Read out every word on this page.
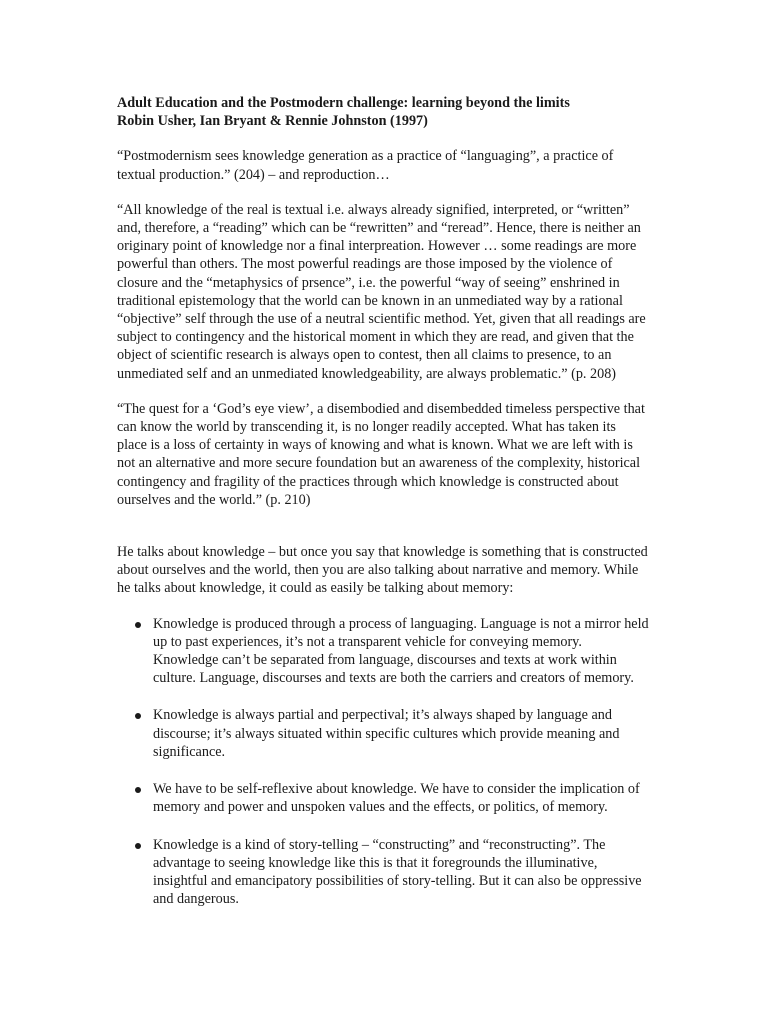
Adult Education and the Postmodern challenge: learning beyond the limits
Robin Usher, Ian Bryant & Rennie Johnston (1997)

“Postmodernism sees knowledge generation as a practice of “languaging”, a practice of textual production.” (204) – and reproduction…

“All knowledge of the real is textual i.e. always already signified, interpreted, or “written” and, therefore, a “reading” which can be “rewritten” and “reread”. Hence, there is neither an originary point of knowledge nor a final interpreation. However … some readings are more powerful than others. The most powerful readings are those imposed by the violence of closure and the “metaphysics of prsence”, i.e. the powerful “way of seeing” enshrined in traditional epistemology that the world can be known in an unmediated way by a rational “objective” self through the use of a neutral scientific method. Yet, given that all readings are subject to contingency and the historical moment in which they are read, and given that the object of scientific research is always open to contest, then all claims to presence, to an unmediated self and an unmediated knowledgeability, are always problematic.” (p. 208)

“The quest for a ‘God’s eye view’, a disembodied and disembedded timeless perspective that can know the world by transcending it, is no longer readily accepted. What has taken its place is a loss of certainty in ways of knowing and what is known. What we are left with is not an alternative and more secure foundation but an awareness of the complexity, historical contingency and fragility of the practices through which knowledge is constructed about ourselves and the world.” (p. 210)

He talks about knowledge – but once you say that knowledge is something that is constructed about ourselves and the world, then you are also talking about narrative and memory. While he talks about knowledge, it could as easily be talking about memory:

Knowledge is produced through a process of languaging. Language is not a mirror held up to past experiences, it’s not a transparent vehicle for conveying memory. Knowledge can’t be separated from language, discourses and texts at work within culture. Language, discourses and texts are both the carriers and creators of memory.
Knowledge is always partial and perpectival; it’s always shaped by language and discourse; it’s always situated within specific cultures which provide meaning and significance.
We have to be self-reflexive about knowledge. We have to consider the implication of memory and power and unspoken values and the effects, or politics, of memory.
Knowledge is a kind of story-telling – “constructing” and “reconstructing”. The advantage to seeing knowledge like this is that it foregrounds the illuminative, insightful and emancipatory possibilities of story-telling. But it can also be oppressive and dangerous.
